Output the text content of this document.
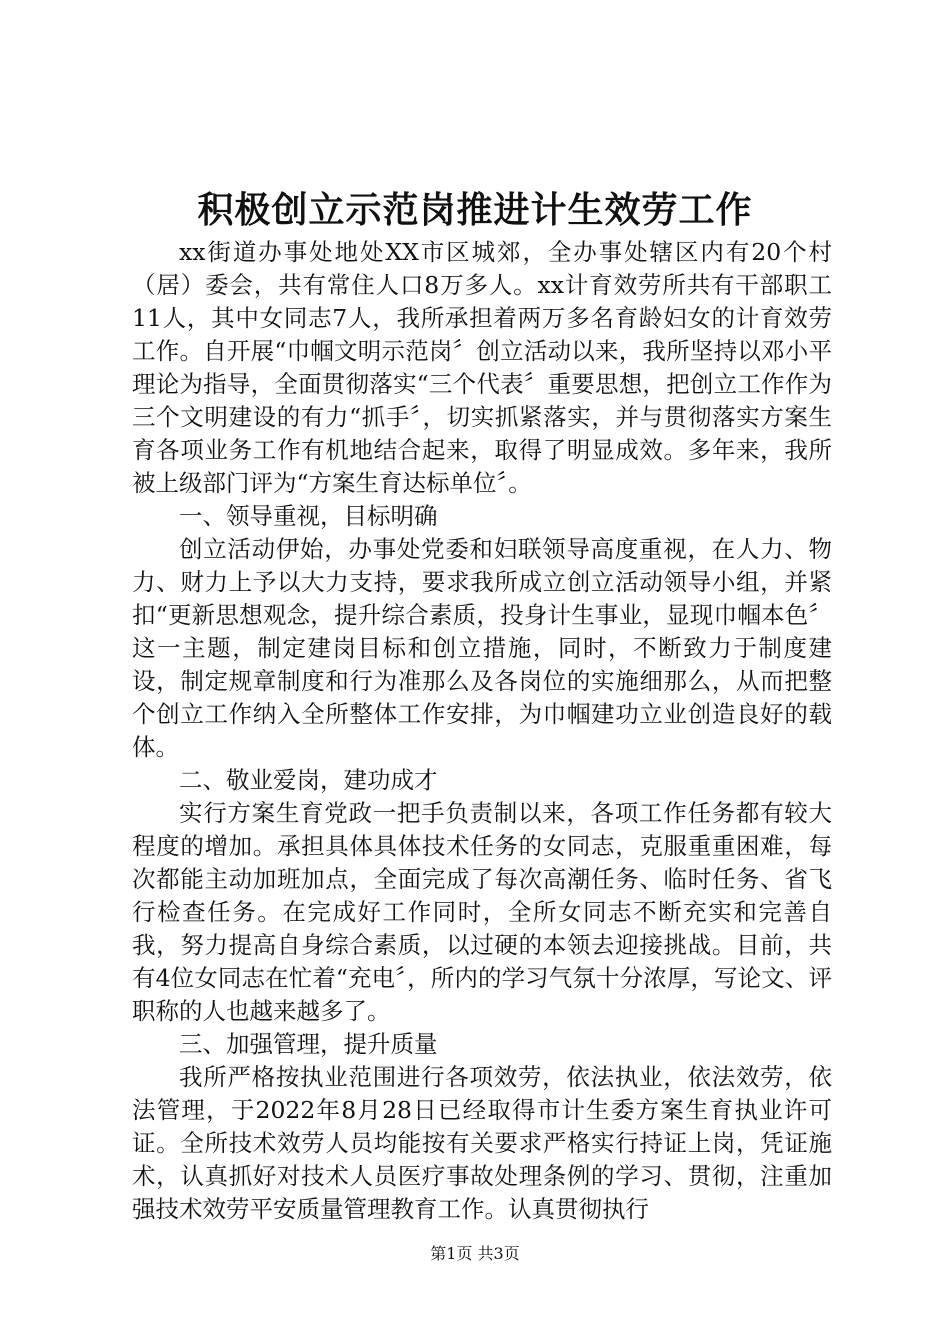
积极创立示范岗推进计生效劳工作

xx街道办事处地处XX市区城郊，全办事处辖区内有20个村（居）委会，共有常住人口8万多人。xx计育效劳所共有干部职工11人，其中女同志7人，我所承担着两万多名育龄妇女的计育效劳工作。自开展“巾帼文明示范岗〞创立活动以来，我所坚持以邓小平理论为指导，全面贯彻落实“三个代表〞重要思想，把创立工作作为三个文明建设的有力“抓手〞，切实抓紧落实，并与贯彻落实方案生育各项业务工作有机地结合起来，取得了明显成效。多年来，我所被上级部门评为“方案生育达标单位〞。

一、领导重视，目标明确

创立活动伊始，办事处党委和妇联领导高度重视，在人力、物力、财力上予以大力支持，要求我所成立创立活动领导小组，并紧扣“更新思想观念，提升综合素质，投身计生事业，显现巾帼本色〞这一主题，制定建岗目标和创立措施，同时，不断致力于制度建设，制定规章制度和行为准那么及各岗位的实施细那么，从而把整个创立工作纳入全所整体工作安排，为巾帼建功立业创造良好的载体。

二、敬业爱岗，建功成才

实行方案生育党政一把手负责制以来，各项工作任务都有较大程度的增加。承担具体具体技术任务的女同志，克服重重困难，每次都能主动加班加点，全面完成了每次高潮任务、临时任务、省飞行检查任务。在完成好工作同时，全所女同志不断充实和完善自我，努力提高自身综合素质，以过硬的本领去迎接挑战。目前，共有4位女同志在忙着“充电〞，所内的学习气氛十分浓厚，写论文、评职称的人也越来越多了。

三、加强管理，提升质量

我所严格按执业范围进行各项效劳，依法执业，依法效劳，依法管理，于2022年8月28日已经取得市计生委方案生育执业许可证。全所技术效劳人员均能按有关要求严格实行持证上岗，凭证施术，认真抓好对技术人员医疗事故处理条例的学习、贯彻，注重加强技术效劳平安质量管理教育工作。认真贯彻执行

第1页 共3页
